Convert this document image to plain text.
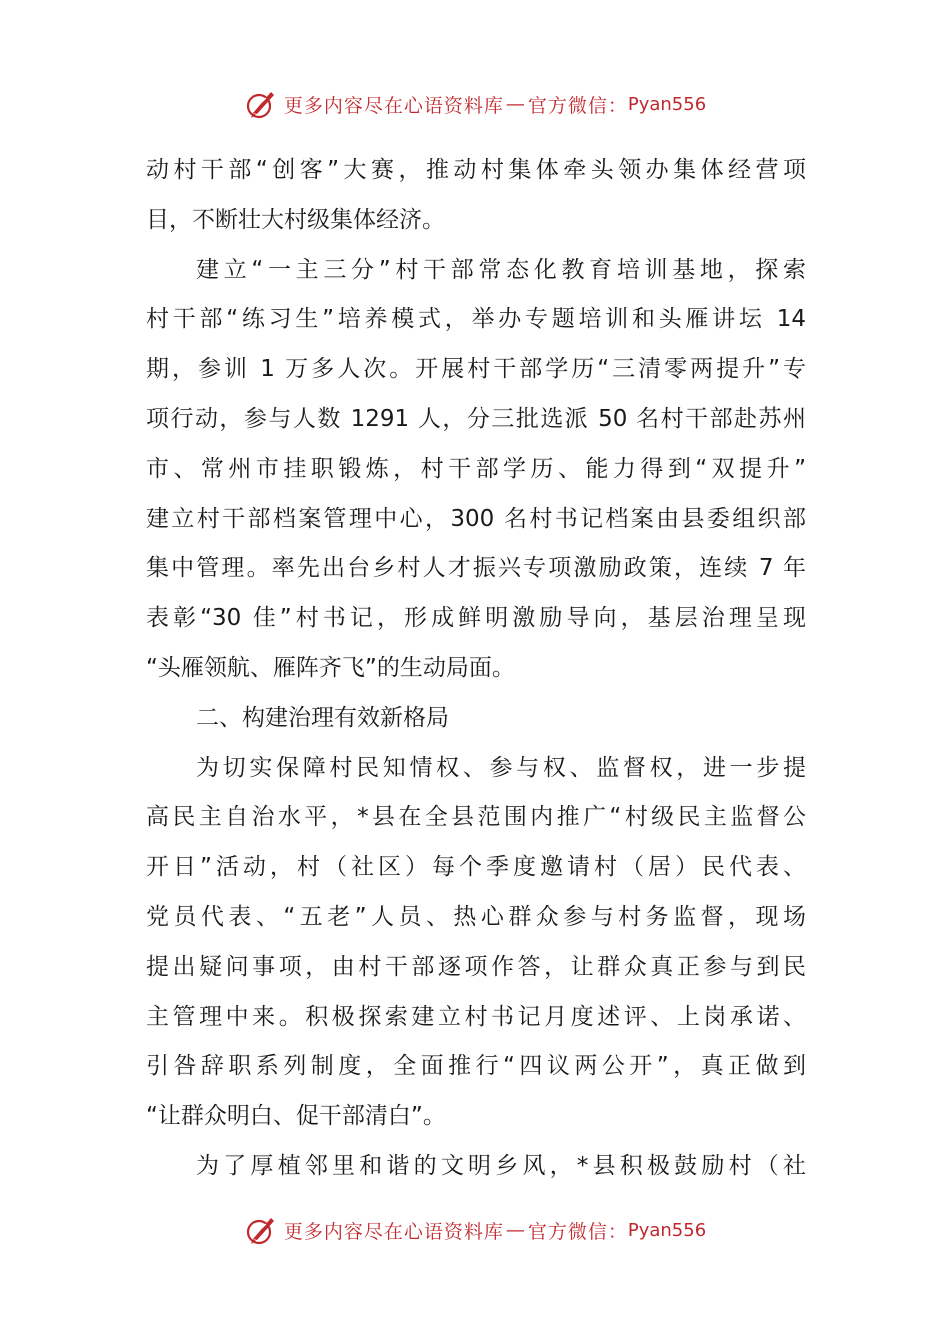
更多内容尽在心语资料库 — 官方微信： Pyan556
动村干部“创客”大赛，推动村集体牵头领办集体经营项
目，不断壮大村级集体经济。
建立“一主三分”村干部常态化教育培训基地，探索
村干部“练习生”培养模式，举办专题培训和头雁讲坛 14
期，参训 1 万多人次。开展村干部学历“三清零两提升”专
项行动，参与人数 1291 人，分三批选派 50 名村干部赴苏州
市、常州市挂职锻炼，村干部学历、能力得到“双提升”
建立村干部档案管理中心，300 名村书记档案由县委组织部
集中管理。率先出台乡村人才振兴专项激励政策，连续 7 年
表彰“30 佳”村书记，形成鲜明激励导向，基层治理呈现
“头雁领航、雁阵齐飞”的生动局面。
二、构建治理有效新格局
为切实保障村民知情权、参与权、监督权，进一步提
高民主自治水平，*县在全县范围内推广“村级民主监督公
开日”活动，村（社区）每个季度邀请村（居）民代表、
党员代表、“五老”人员、热心群众参与村务监督，现场
提出疑问事项，由村干部逐项作答，让群众真正参与到民
主管理中来。积极探索建立村书记月度述评、上岗承诺、
引咎辞职系列制度，全面推行“四议两公开”，真正做到
“让群众明白、促干部清白”。
为了厚植邻里和谐的文明乡风，*县积极鼓励村（社
更多内容尽在心语资料库 — 官方微信： Pyan556
